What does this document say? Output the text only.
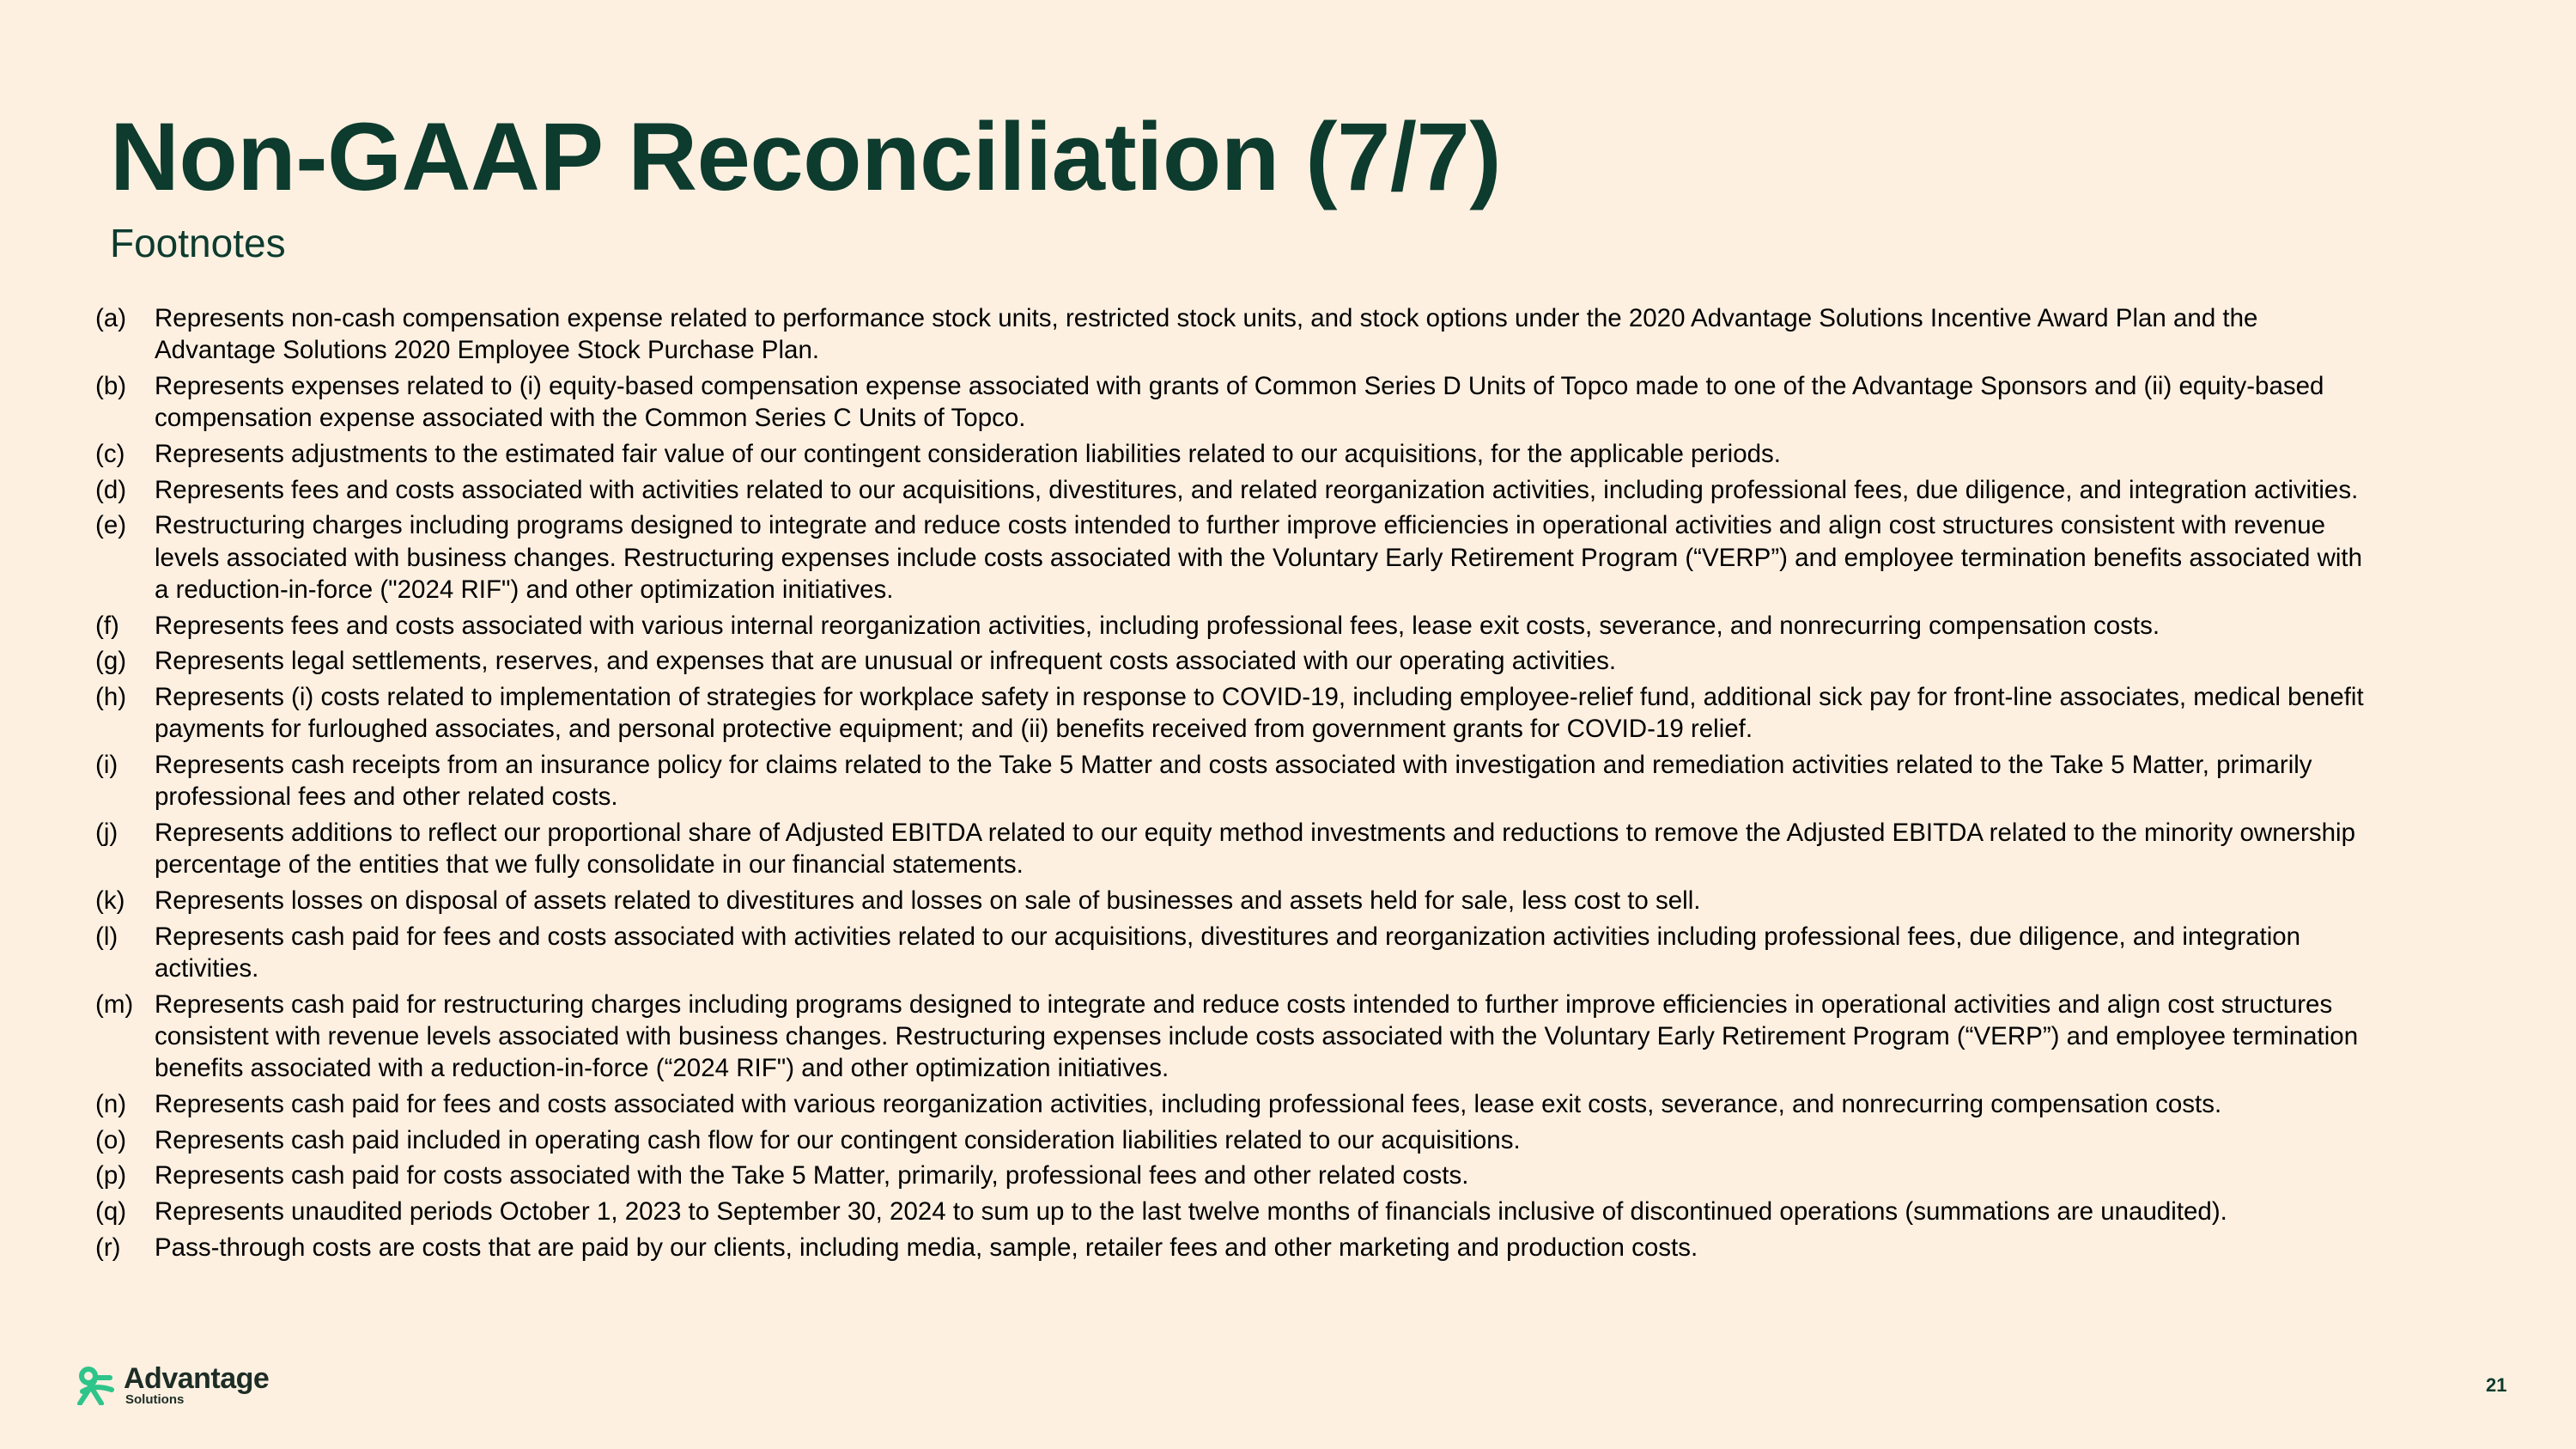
Non-GAAP Reconciliation (7/7)
Footnotes
(a)	Represents non-cash compensation expense related to performance stock units, restricted stock units, and stock options under the 2020 Advantage Solutions Incentive Award Plan and the Advantage Solutions 2020 Employee Stock Purchase Plan.
(b)	Represents expenses related to (i) equity-based compensation expense associated with grants of Common Series D Units of Topco made to one of the Advantage Sponsors and (ii) equity-based compensation expense associated with the Common Series C Units of Topco.
(c)	Represents adjustments to the estimated fair value of our contingent consideration liabilities related to our acquisitions, for the applicable periods.
(d)	Represents fees and costs associated with activities related to our acquisitions, divestitures, and related reorganization activities, including professional fees, due diligence, and integration activities.
(e)	Restructuring charges including programs designed to integrate and reduce costs intended to further improve efficiencies in operational activities and align cost structures consistent with revenue levels associated with business changes. Restructuring expenses include costs associated with the Voluntary Early Retirement Program (“VERP”) and employee termination benefits associated with a reduction-in-force ("2024 RIF") and other optimization initiatives.
(f)	Represents fees and costs associated with various internal reorganization activities, including professional fees, lease exit costs, severance, and nonrecurring compensation costs.
(g)	Represents legal settlements, reserves, and expenses that are unusual or infrequent costs associated with our operating activities.
(h)	Represents (i) costs related to implementation of strategies for workplace safety in response to COVID-19, including employee-relief fund, additional sick pay for front-line associates, medical benefit payments for furloughed associates, and personal protective equipment; and (ii) benefits received from government grants for COVID-19 relief.
(i)	Represents cash receipts from an insurance policy for claims related to the Take 5 Matter and costs associated with investigation and remediation activities related to the Take 5 Matter, primarily professional fees and other related costs.
(j)	Represents additions to reflect our proportional share of Adjusted EBITDA related to our equity method investments and reductions to remove the Adjusted EBITDA related to the minority ownership percentage of the entities that we fully consolidate in our financial statements.
(k)	Represents losses on disposal of assets related to divestitures and losses on sale of businesses and assets held for sale, less cost to sell.
(l)	Represents cash paid for fees and costs associated with activities related to our acquisitions, divestitures and reorganization activities including professional fees, due diligence, and integration activities.
(m) Represents cash paid for restructuring charges including programs designed to integrate and reduce costs intended to further improve efficiencies in operational activities and align cost structures consistent with revenue levels associated with business changes. Restructuring expenses include costs associated with the Voluntary Early Retirement Program (“VERP”) and employee termination benefits associated with a reduction-in-force (“2024 RIF") and other optimization initiatives.
(n)	Represents cash paid for fees and costs associated with various reorganization activities, including professional fees, lease exit costs, severance, and nonrecurring compensation costs.
(o)	Represents cash paid included in operating cash flow for our contingent consideration liabilities related to our acquisitions.
(p)	Represents cash paid for costs associated with the Take 5 Matter, primarily, professional fees and other related costs.
(q)	Represents unaudited periods October 1, 2023 to September 30, 2024 to sum up to the last twelve months of financials inclusive of discontinued operations (summations are unaudited).
(r)	Pass-through costs are costs that are paid by our clients, including media, sample, retailer fees and other marketing and production costs.
Advantage
Solutions
21
